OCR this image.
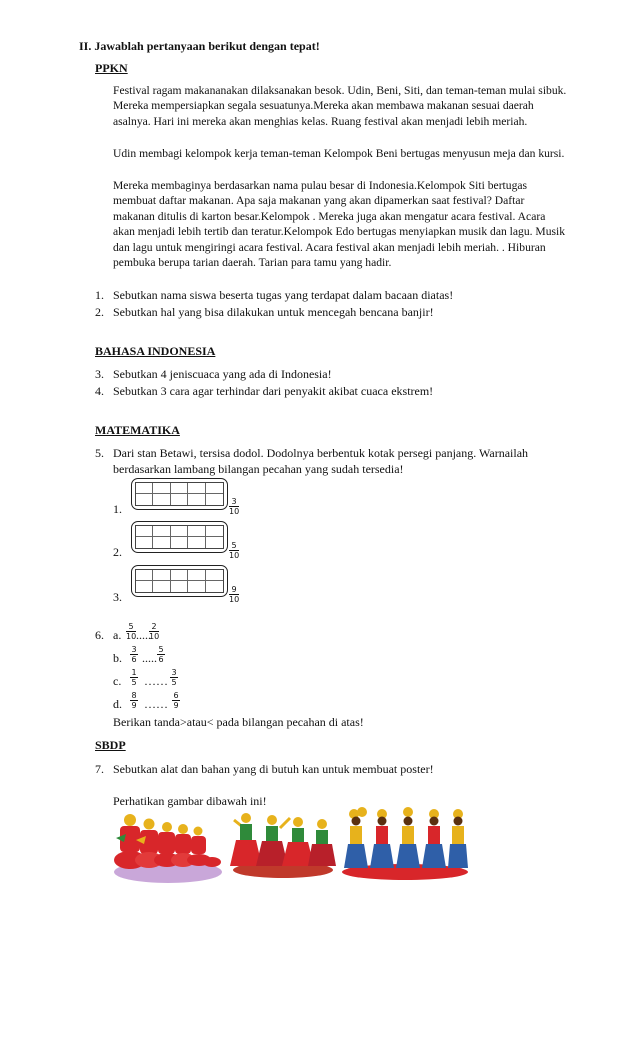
II. Jawablah pertanyaan berikut dengan tepat!
PPKN
Festival ragam makananakan dilaksanakan besok. Udin, Beni, Siti, dan teman-teman mulai sibuk. Mereka mempersiapkan segala sesuatunya.Mereka akan membawa makanan sesuai daerah asalnya. Hari ini mereka akan menghias kelas. Ruang festival akan menjadi lebih meriah.
Udin membagi kelompok kerja teman-teman Kelompok Beni bertugas menyusun meja dan kursi.
Mereka membaginya berdasarkan nama pulau besar di Indonesia.Kelompok Siti bertugas membuat daftar makanan. Apa saja makanan yang akan dipamerkan saat festival? Daftar makanan ditulis di karton besar.Kelompok . Mereka juga akan mengatur acara festival. Acara akan menjadi lebih tertib dan teratur.Kelompok Edo bertugas menyiapkan musik dan lagu. Musik dan lagu untuk mengiringi acara festival. Acara festival akan menjadi lebih meriah. . Hiburan pembuka berupa tarian daerah. Tarian para tamu yang hadir.
1. Sebutkan nama siswa beserta tugas yang terdapat dalam bacaan diatas!
2. Sebutkan hal yang bisa dilakukan untuk mencegah bencana banjir!
BAHASA INDONESIA
3. Sebutkan 4 jeniscuaca yang ada di Indonesia!
4. Sebutkan 3 cara agar terhindar dari penyakit akibat cuaca ekstrem!
MATEMATIKA
5. Dari stan Betawi, tersisa dodol. Dodolnya berbentuk kotak persegi panjang. Warnailah
berdasarkan lambang bilangan pecahan yang sudah tersedia!
1.
3
10
2.	5
10
3.
9
10
6. a.
5
10 .....
2
10
b.
3
6 .....
5
6
c.
1
5 ……
3
5
d.
8
9 ……
6
9
Berikan tanda>atau< pada bilangan pecahan di atas!
SBDP
7. Sebutkan alat dan bahan yang di butuh kan untuk membuat poster!
Perhatikan gambar dibawah ini!
